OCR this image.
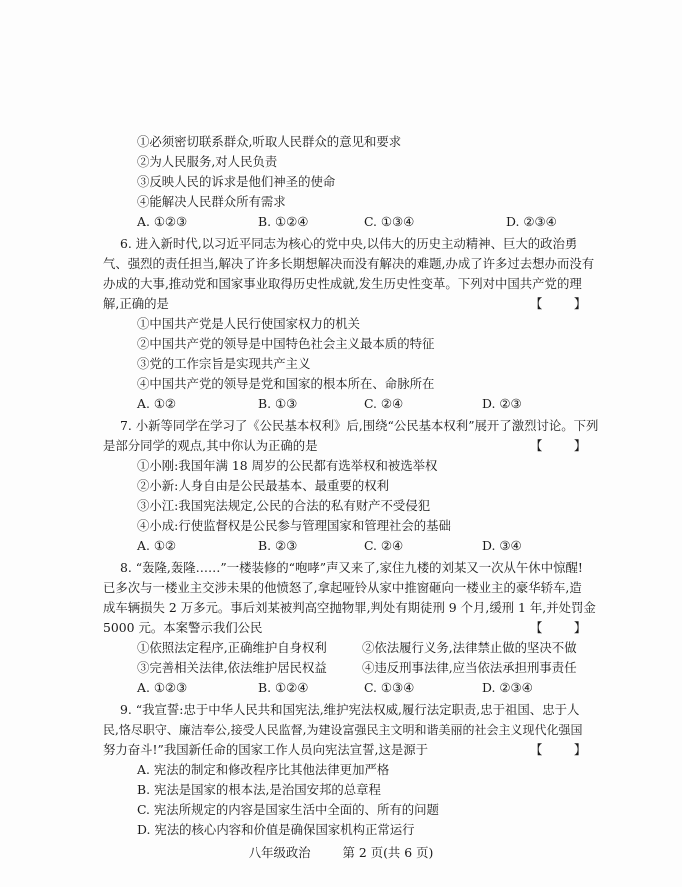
①必须密切联系群众,听取人民群众的意见和要求
②为人民服务,对人民负责
③反映人民的诉求是他们神圣的使命
④能解决人民群众所有需求
A. ①②③	B. ①②④	C. ①③④	D. ②③④
6. 进入新时代,以习近平同志为核心的党中央,以伟大的历史主动精神、巨大的政治勇
气、强烈的责任担当,解决了许多长期想解决而没有解决的难题,办成了许多过去想办而没有
办成的大事,推动党和国家事业取得历史性成就,发生历史性变革。下列对中国共产党的理
解,正确的是	【        】
①中国共产党是人民行使国家权力的机关
②中国共产党的领导是中国特色社会主义最本质的特征
③党的工作宗旨是实现共产主义
④中国共产党的领导是党和国家的根本所在、命脉所在
A. ①②	B. ①③	C. ②④	D. ②③
7. 小新等同学在学习了《公民基本权利》后,围绕“公民基本权利”展开了激烈讨论。下列
是部分同学的观点,其中你认为正确的是	【        】
①小刚:我国年满 18 周岁的公民都有选举权和被选举权
②小新:人身自由是公民最基本、最重要的权利
③小江:我国宪法规定,公民的合法的私有财产不受侵犯
④小成:行使监督权是公民参与管理国家和管理社会的基础
A. ①②	B. ②③	C. ②④	D. ③④
8. “轰隆,轰隆……”一楼装修的“咆哮”声又来了,家住九楼的刘某又一次从午休中惊醒!
已多次与一楼业主交涉未果的他愤怒了,拿起哑铃从家中推窗砸向一楼业主的豪华轿车,造
成车辆损失 2 万多元。事后刘某被判高空抛物罪,判处有期徒刑 9 个月,缓刑 1 年,并处罚金
5000 元。本案警示我们公民	【        】
①依照法定程序,正确维护自身权利	②依法履行义务,法律禁止做的坚决不做
③完善相关法律,依法维护居民权益	④违反刑事法律,应当依法承担刑事责任
A. ①②③	B. ①②④	C. ①③④	D. ②③④
9. “我宣誓:忠于中华人民共和国宪法,维护宪法权威,履行法定职责,忠于祖国、忠于人
民,恪尽职守、廉洁奉公,接受人民监督,为建设富强民主文明和谐美丽的社会主义现代化强国
努力奋斗!”我国新任命的国家工作人员向宪法宣誓,这是源于	【        】
A. 宪法的制定和修改程序比其他法律更加严格
B. 宪法是国家的根本法,是治国安邦的总章程
C. 宪法所规定的内容是国家生活中全面的、所有的问题
D. 宪法的核心内容和价值是确保国家机构正常运行
八年级政治	第 2 页(共 6 页)
